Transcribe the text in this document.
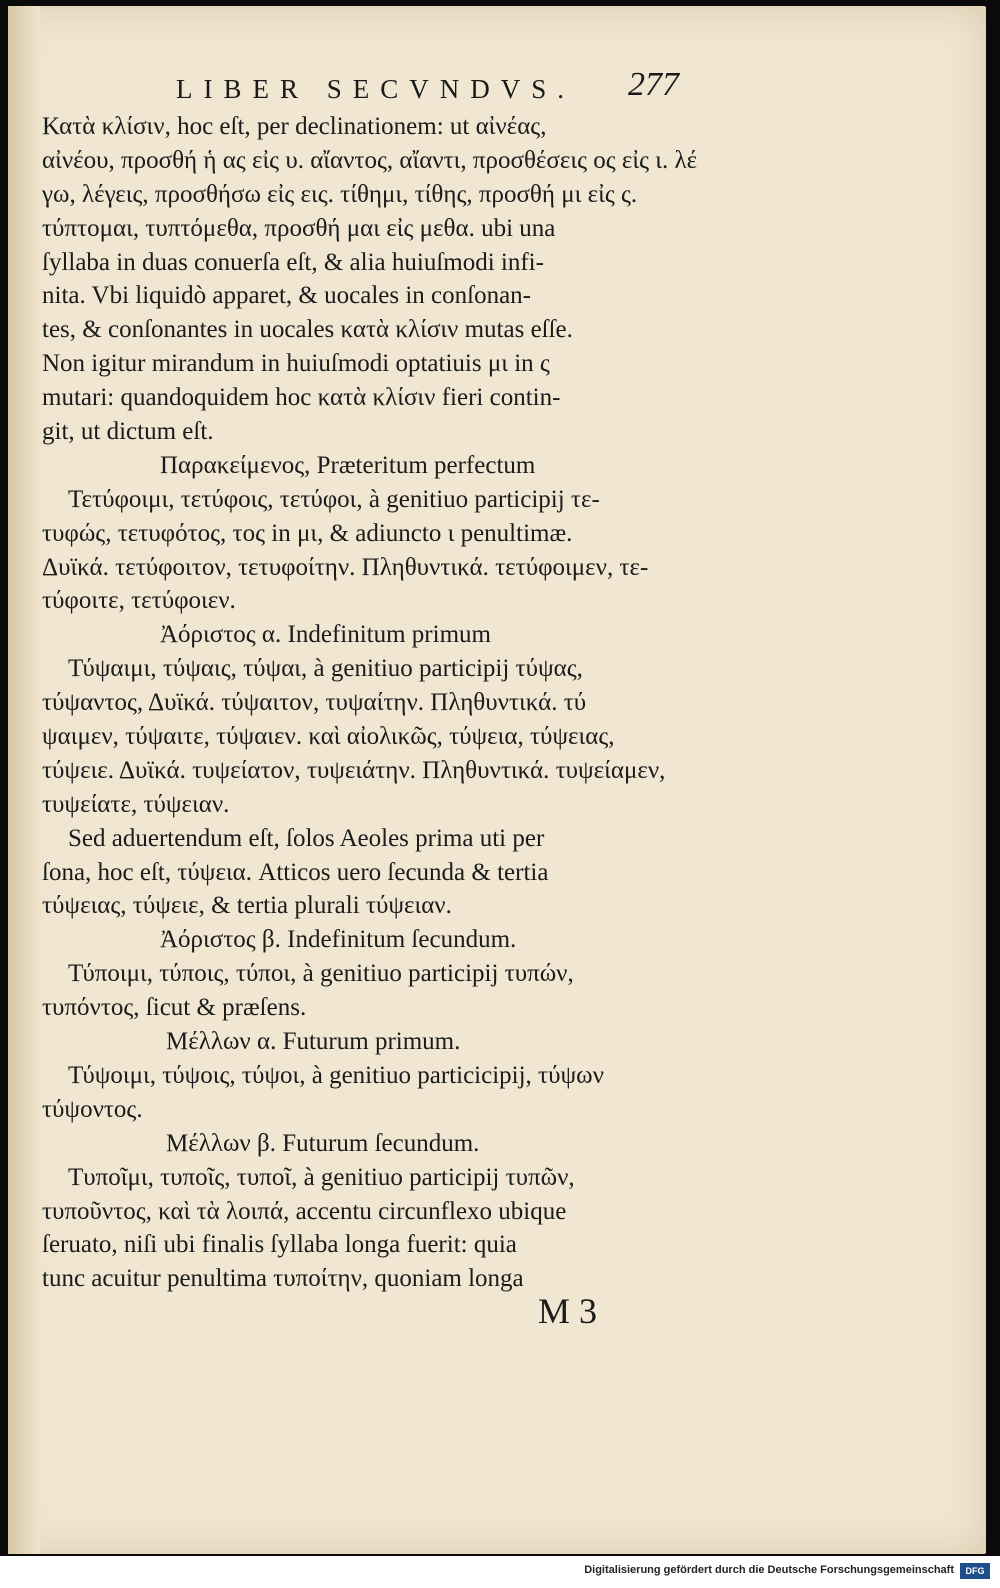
LIBER SECVNDVS. 277
Κατὰ κλίσιν, hoc eſt, per declinationem: ut αἰνέας,
αἰνέου, προσθή ἡ ας εἰς υ. αἴαντος, αἴαντι, προσθέσεις ος εἰς ι. λέ
γω, λέγεις, προσθήσω εἰς εις. τίθημι, τίθης, προσθή μι εἰς ς.
τύπτομαι, τυπτόμεθα, προσθή μαι εἰς μεθα. ubi una
ſyllaba in duas conuerſa eſt, & alia huiuſmodi infi-
nita. Vbi liquidò apparet, & uocales in conſonan-
tes, & conſonantes in uocales κατὰ κλίσιν mutas eſſe.
Non igitur mirandum in huiuſmodi optatiuis μι in ς
mutari: quandoquidem hoc κατὰ κλίσιν fieri contin-
git, ut dictum eſt.
Παρακείμενος, Præteritum perfectum
Τετύφοιμι, τετύφοις, τετύφοι, à genitiuo participij τε-
τυφώς, τετυφότος, τος in μι, & adiunctο ι penultimæ.
Δυϊκά. τετύφοιτον, τετυφοίτην. Πληθυντικά. τετύφοιμεν, τε-
τύφοιτε, τετύφοιεν.
Ἀόριστος α. Indefinitum primum
Τύψαιμι, τύψαις, τύψαι, à genitiuo participij τύψας,
τύψαντος, Δυϊκά. τύψαιτον, τυψαίτην. Πληθυντικά. τύ
ψαιμεν, τύψαιτε, τύψαιεν. καὶ αἰολικῶς, τύψεια, τύψειας,
τύψειε. Δυϊκά. τυψείατον, τυψειάτην. Πληθυντικά. τυψείαμεν,
τυψείατε, τύψειαν.
Sed aduertendum eſt, ſolos Aeoles prima uti per
ſona, hoc eſt, τύψεια. Atticos uero ſecunda & tertia
τύψειας, τύψειε, & tertia plurali τύψειαν.
Ἀόριστος β. Indefinitum ſecundum.
Τύποιμι, τύποις, τύποι, à genitiuo participij τυπών,
τυπόντος, ſicut & præſens.
Μέλλων α. Futurum primum.
Τύψοιμι, τύψοις, τύψοι, à genitiuo particicipij, τύψων
τύψοντος.
Μέλλων β. Futurum ſecundum.
Τυποῖμι, τυποῖς, τυποῖ, à genitiuo participij τυπῶν,
τυποῦντος, καὶ τὰ λοιπά, accentu circunflexo ubique
ſeruato, niſi ubi finalis ſyllaba longa fuerit: quia
tunc acuitur penultima τυποίτην, quoniam longa
M 3
Digitalisierung gefördert durch die Deutsche Forschungsgemeinschaft	DFG
